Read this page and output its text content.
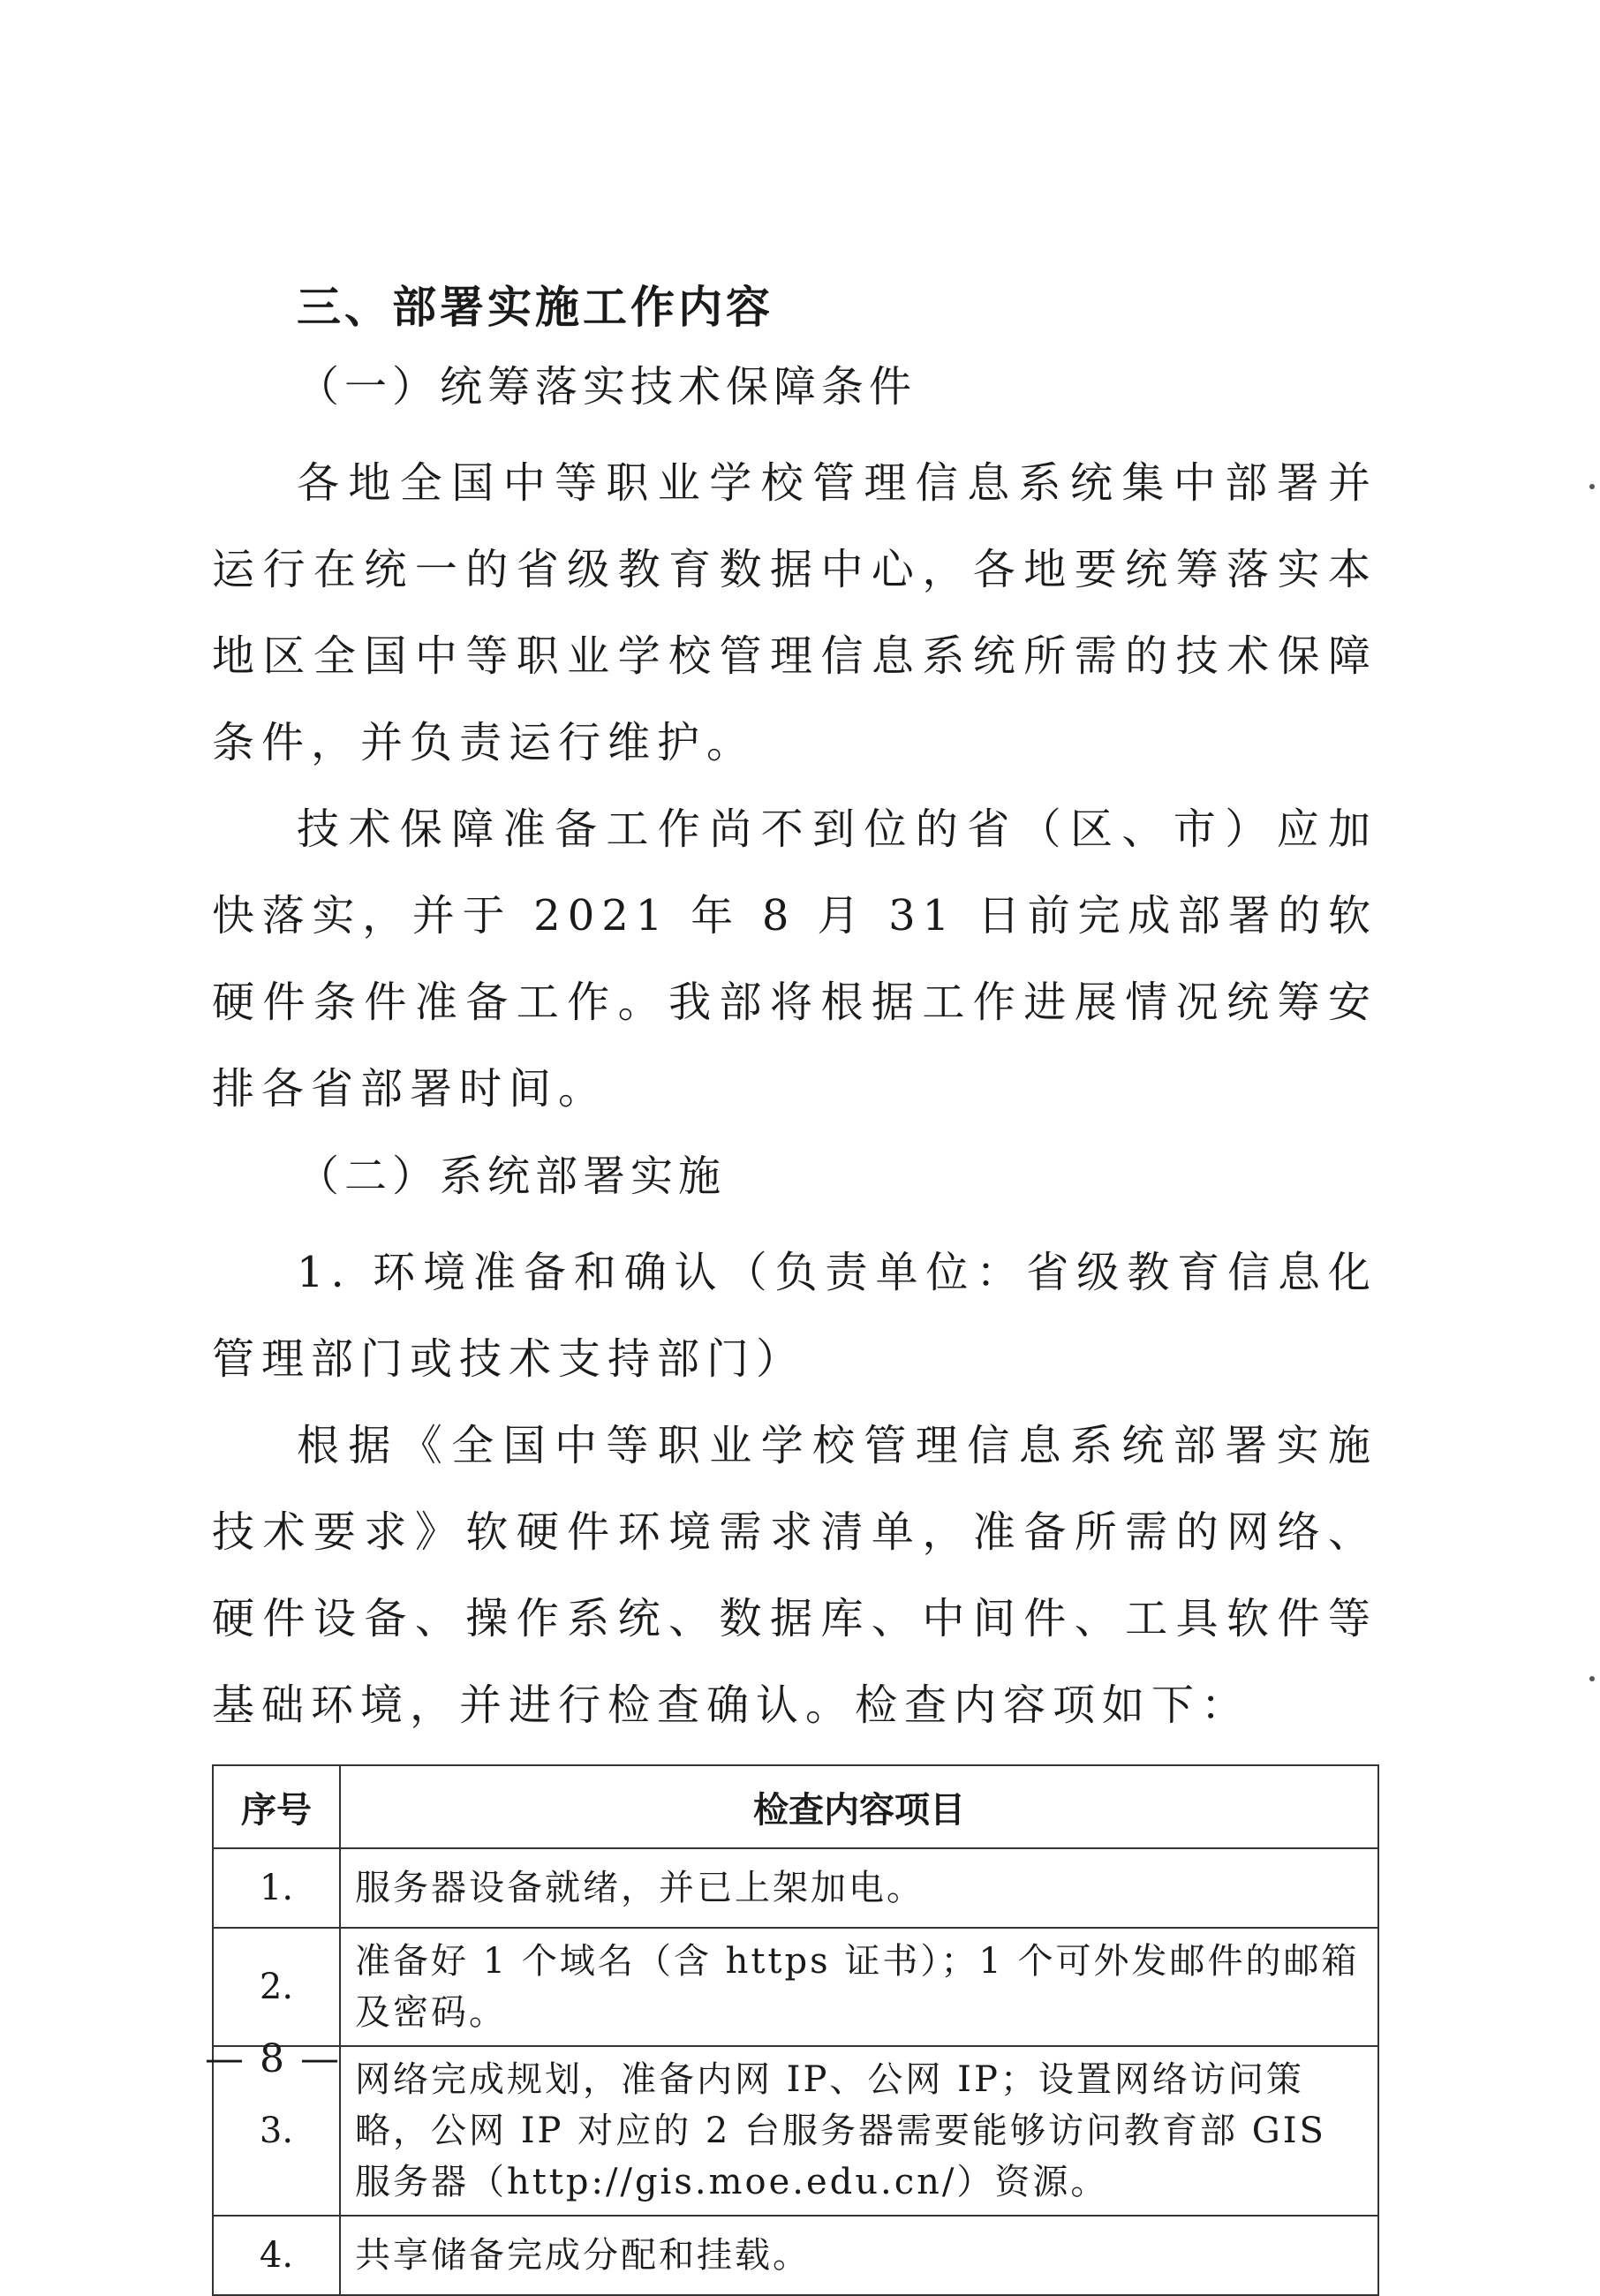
三、部署实施工作内容
（一）统筹落实技术保障条件

各地全国中等职业学校管理信息系统集中部署并运行在统一的省级教育数据中心，各地要统筹落实本地区全国中等职业学校管理信息系统所需的技术保障条件，并负责运行维护。

技术保障准备工作尚不到位的省（区、市）应加快落实，并于 2021 年 8 月 31 日前完成部署的软硬件条件准备工作。我部将根据工作进展情况统筹安排各省部署时间。

（二）系统部署实施

1. 环境准备和确认（负责单位：省级教育信息化管理部门或技术支持部门）

根据《全国中等职业学校管理信息系统部署实施技术要求》软硬件环境需求清单，准备所需的网络、硬件设备、操作系统、数据库、中间件、工具软件等基础环境，并进行检查确认。检查内容项如下：

序号	检查内容项目
1.	服务器设备就绪，并已上架加电。
2.	准备好 1 个域名（含 https 证书）；1 个可外发邮件的邮箱及密码。
3.	网络完成规划，准备内网 IP、公网 IP；设置网络访问策略，公网 IP 对应的 2 台服务器需要能够访问教育部 GIS 服务器（http://gis.moe.edu.cn/）资源。
4.	共享储备完成分配和挂载。
— 8 —
